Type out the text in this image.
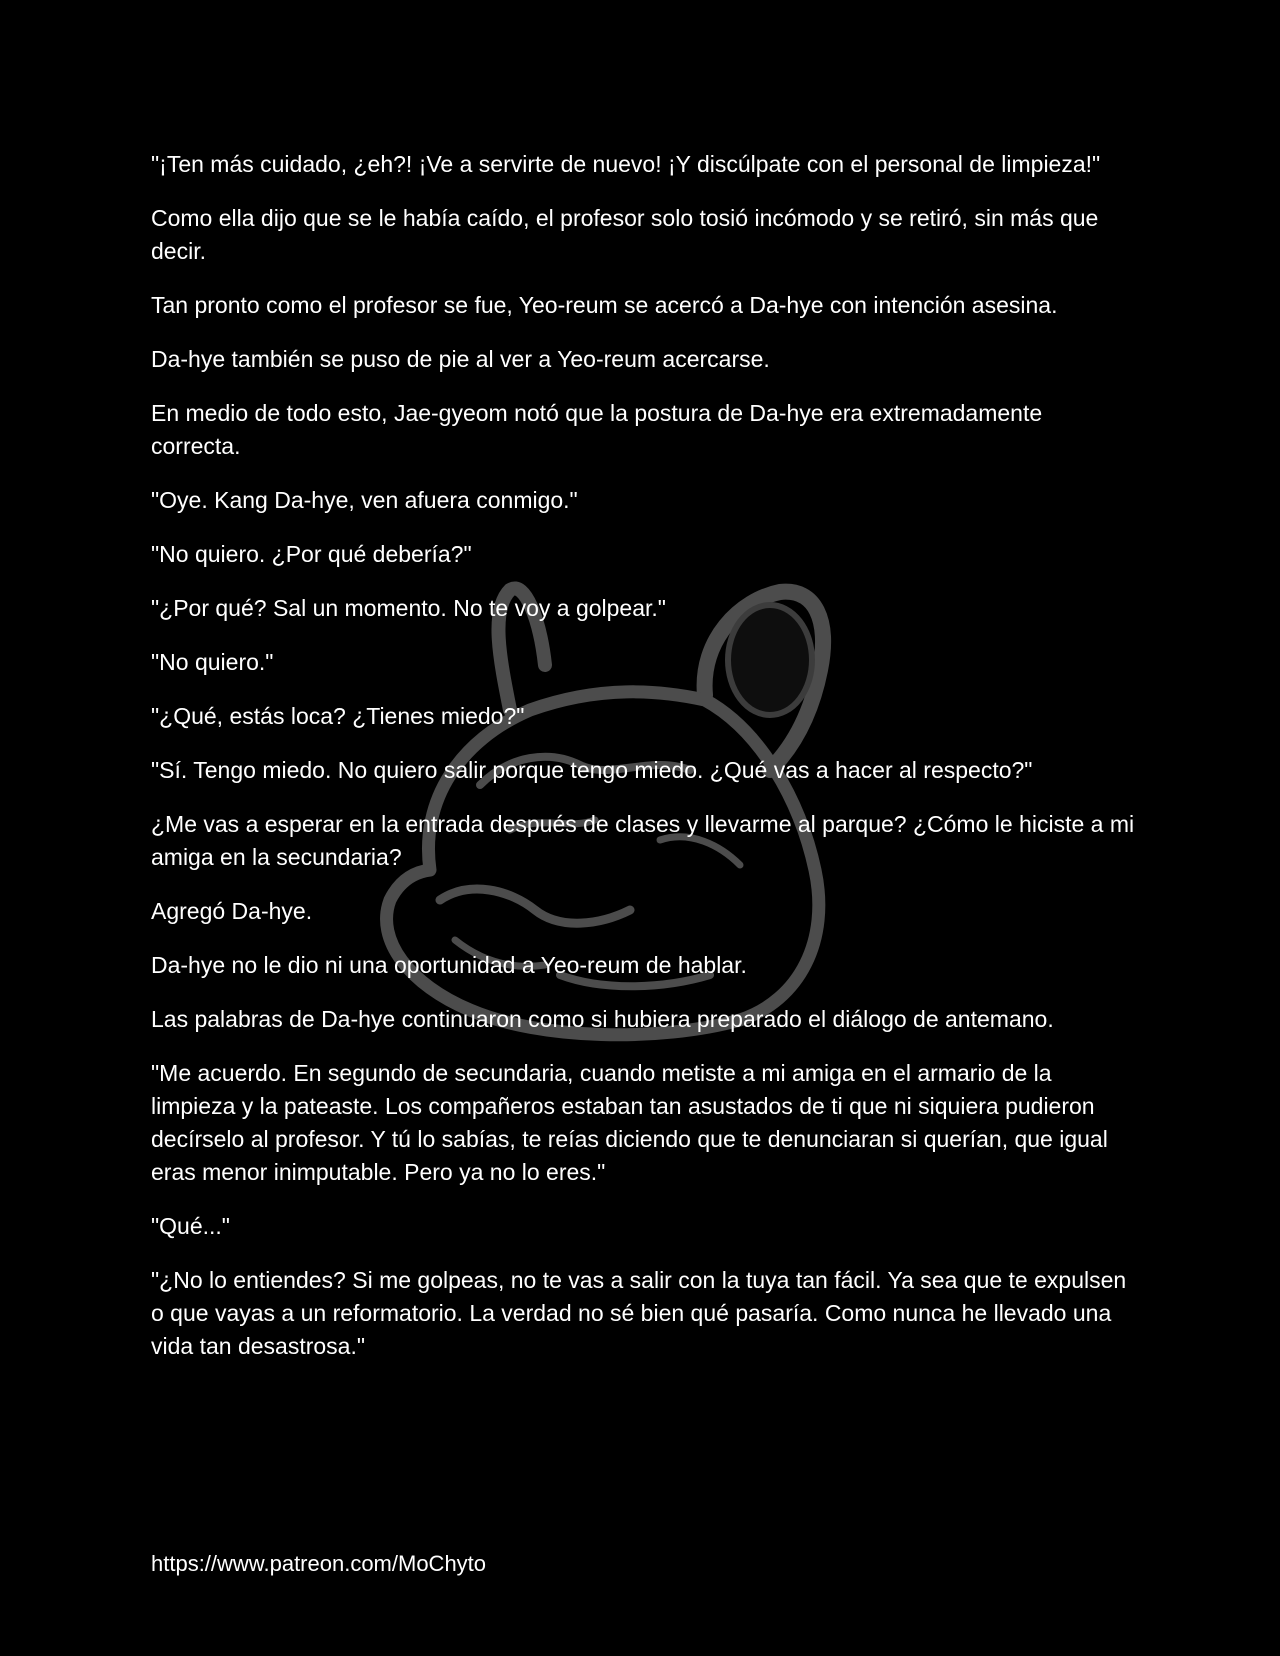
"¡Ten más cuidado, ¿eh?! ¡Ve a servirte de nuevo! ¡Y discúlpate con el personal de limpieza!"

Como ella dijo que se le había caído, el profesor solo tosió incómodo y se retiró, sin más que decir.

Tan pronto como el profesor se fue, Yeo-reum se acercó a Da-hye con intención asesina.

Da-hye también se puso de pie al ver a Yeo-reum acercarse.

En medio de todo esto, Jae-gyeom notó que la postura de Da-hye era extremadamente correcta.

"Oye. Kang Da-hye, ven afuera conmigo."

"No quiero. ¿Por qué debería?"

"¿Por qué? Sal un momento. No te voy a golpear."

"No quiero."

"¿Qué, estás loca? ¿Tienes miedo?"

"Sí. Tengo miedo. No quiero salir porque tengo miedo. ¿Qué vas a hacer al respecto?"

¿Me vas a esperar en la entrada después de clases y llevarme al parque? ¿Cómo le hiciste a mi amiga en la secundaria?

Agregó Da-hye.

Da-hye no le dio ni una oportunidad a Yeo-reum de hablar.

Las palabras de Da-hye continuaron como si hubiera preparado el diálogo de antemano.

"Me acuerdo. En segundo de secundaria, cuando metiste a mi amiga en el armario de la limpieza y la pateaste. Los compañeros estaban tan asustados de ti que ni siquiera pudieron decírselo al profesor. Y tú lo sabías, te reías diciendo que te denunciaran si querían, que igual eras menor inimputable. Pero ya no lo eres."

"Qué..."

"¿No lo entiendes? Si me golpeas, no te vas a salir con la tuya tan fácil. Ya sea que te expulsen o que vayas a un reformatorio. La verdad no sé bien qué pasaría. Como nunca he llevado una vida tan desastrosa."

https://www.patreon.com/MoChyto
